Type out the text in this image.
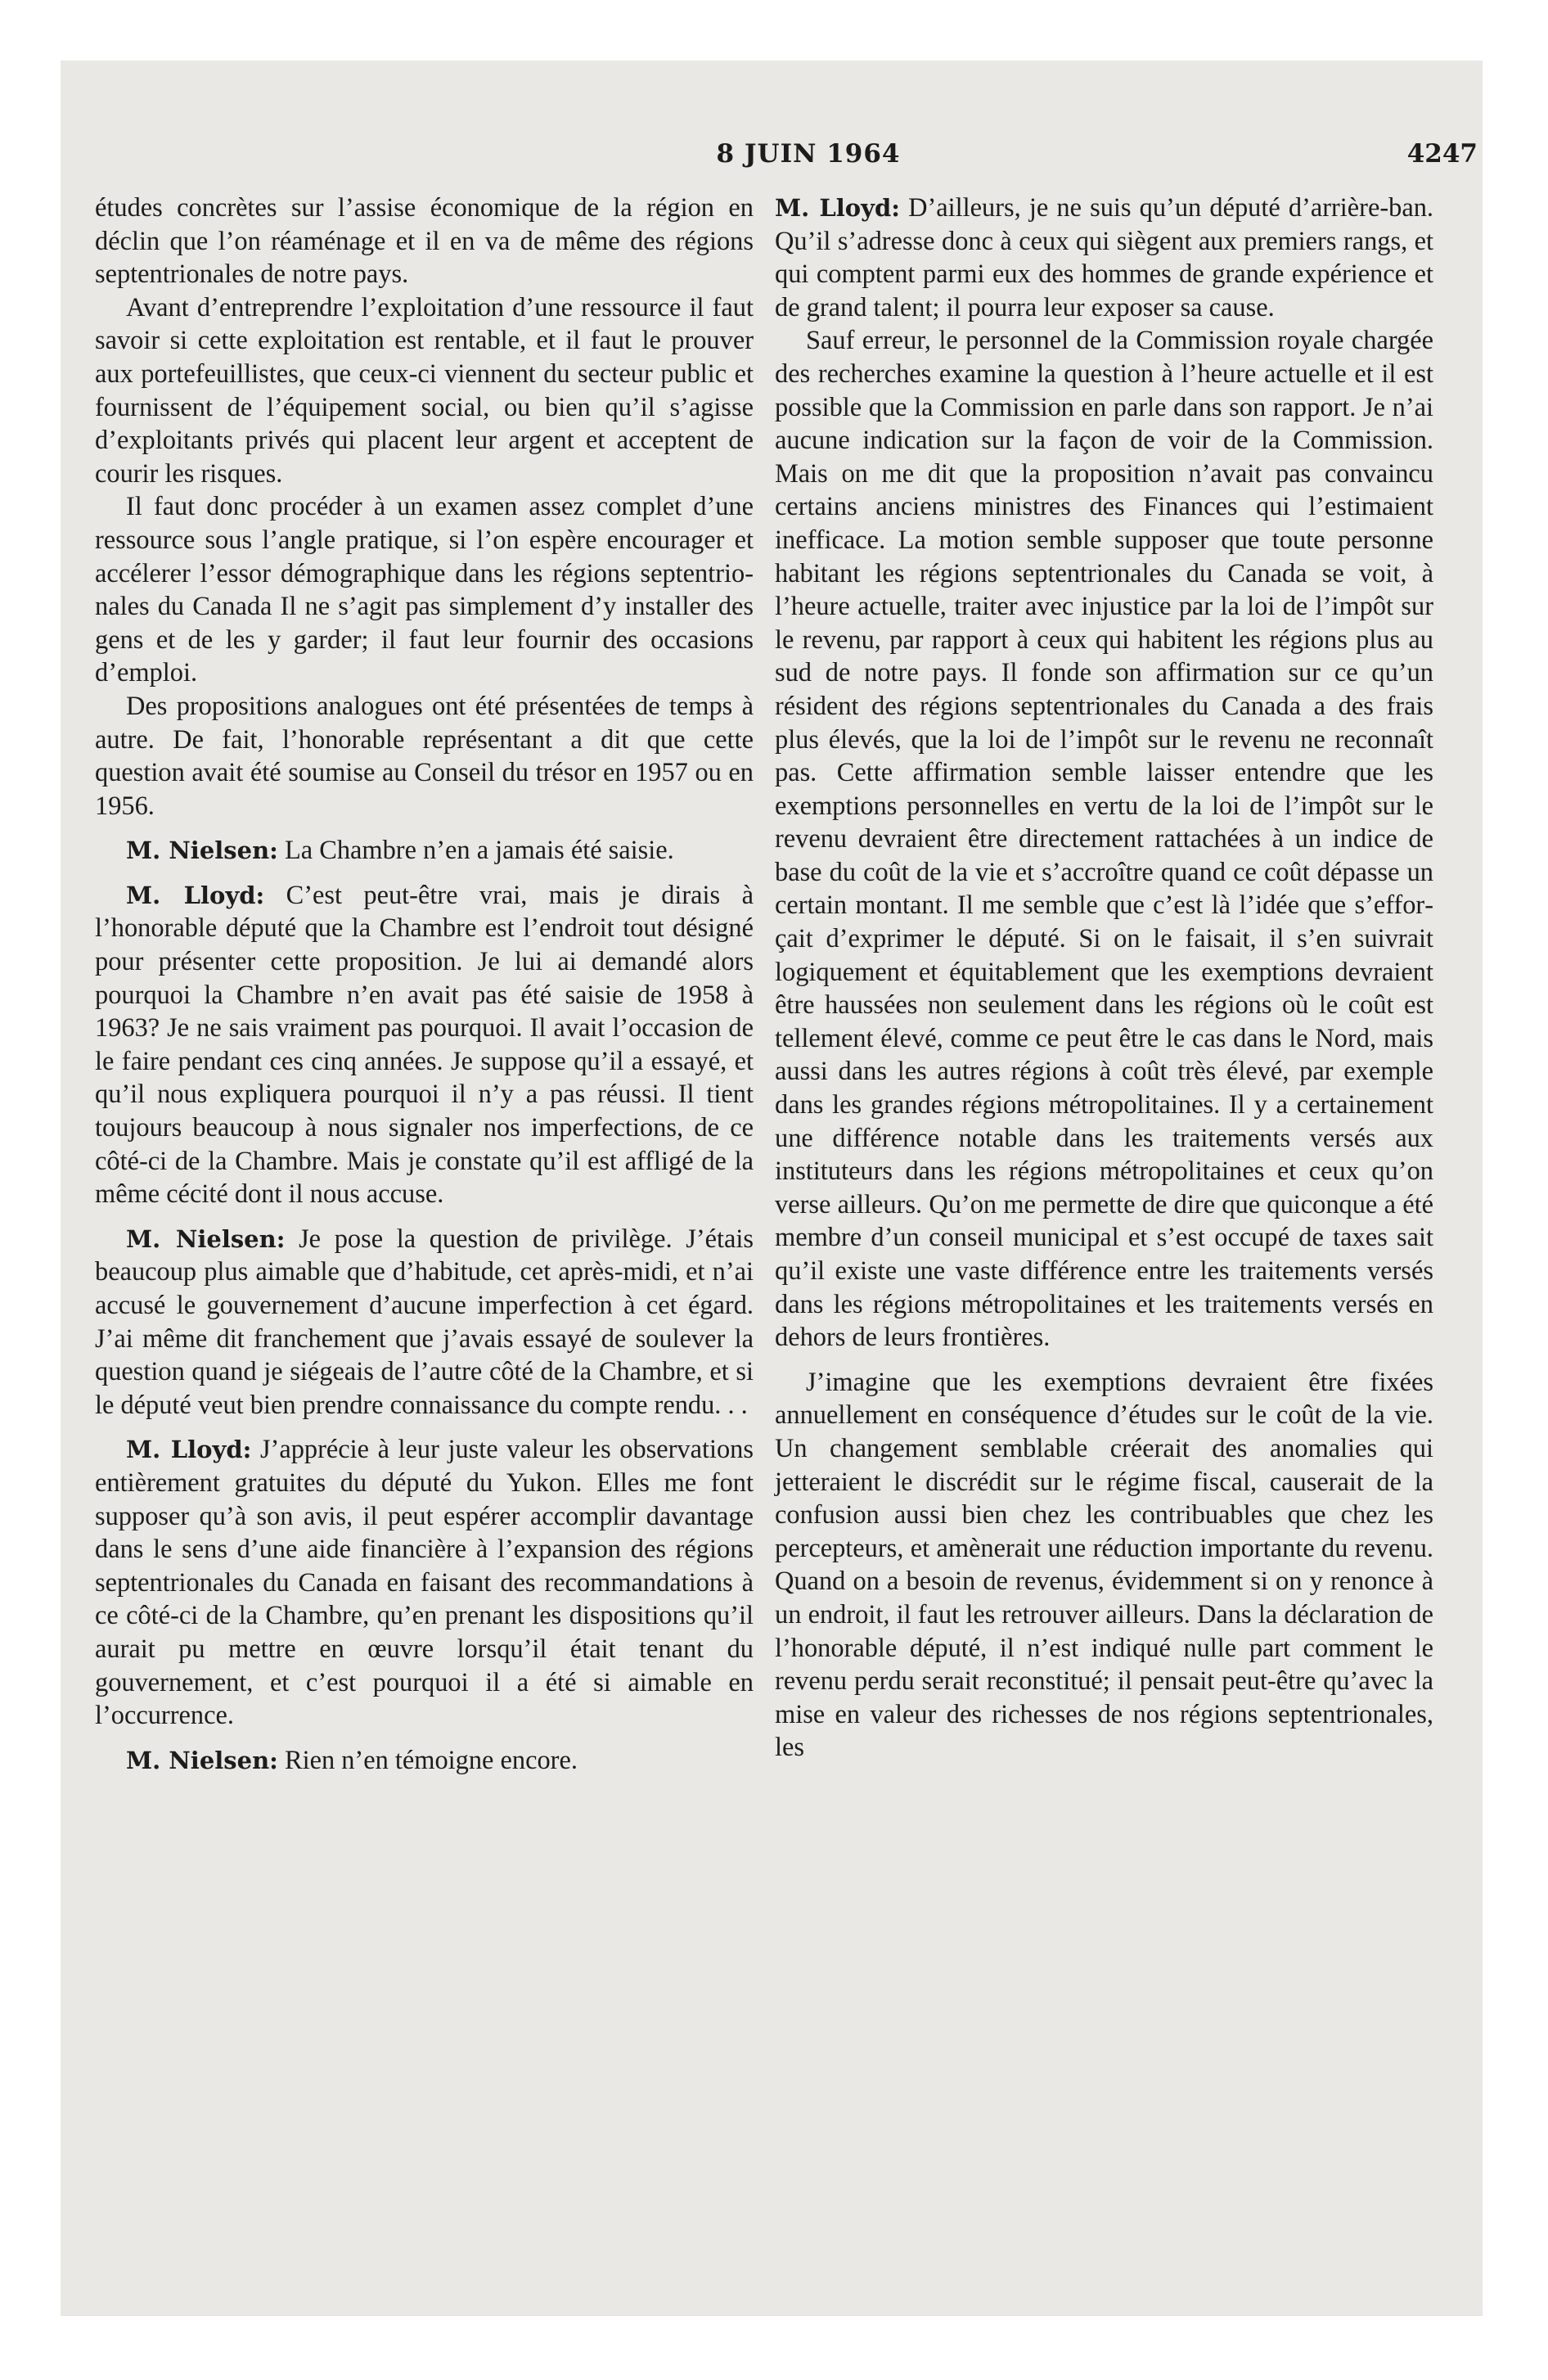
8 JUIN 1964	4247

études concrètes sur l’assise économique de la région en déclin que l’on réaménage et il en va de même des régions septentrionales de notre pays.

Avant d’entreprendre l’exploitation d’une ressource il faut savoir si cette exploitation est rentable, et il faut le prouver aux portefeuillistes, que ceux-ci viennent du secteur public et fournissent de l’équipement social, ou bien qu’il s’agisse d’exploitants privés qui placent leur argent et acceptent de courir les risques.

Il faut donc procéder à un examen assez complet d’une ressource sous l’angle pratique, si l’on espère encourager et accélerer l’essor démographique dans les régions septentrionales du Canada Il ne s’agit pas simplement d’y installer des gens et de les y garder; il faut leur fournir des occasions d’emploi.

Des propositions analogues ont été présentées de temps à autre. De fait, l’honorable représentant a dit que cette question avait été soumise au Conseil du trésor en 1957 ou en 1956.

M. Nielsen: La Chambre n’en a jamais été saisie.

M. Lloyd: C’est peut-être vrai, mais je dirais à l’honorable député que la Chambre est l’endroit tout désigné pour présenter cette proposition. Je lui ai demandé alors pourquoi la Chambre n’en avait pas été saisie de 1958 à 1963? Je ne sais vraiment pas pourquoi. Il avait l’occasion de le faire pendant ces cinq années. Je suppose qu’il a essayé, et qu’il nous expliquera pourquoi il n’y a pas réussi. Il tient toujours beaucoup à nous signaler nos imperfections, de ce côté-ci de la Chambre. Mais je constate qu’il est affligé de la même cécité dont il nous accuse.

M. Nielsen: Je pose la question de privilège. J’étais beaucoup plus aimable que d’habitude, cet après-midi, et n’ai accusé le gouvernement d’aucune imperfection à cet égard. J’ai même dit franchement que j’avais essayé de soulever la question quand je siégeais de l’autre côté de la Chambre, et si le député veut bien prendre connaissance du compte rendu. . .

M. Lloyd: J’apprécie à leur juste valeur les observations entièrement gratuites du député du Yukon. Elles me font supposer qu’à son avis, il peut espérer accomplir davantage dans le sens d’une aide financière à l’expansion des régions septentrionales du Canada en faisant des recommandations à ce côté-ci de la Chambre, qu’en prenant les dispositions qu’il aurait pu mettre en œuvre lorsqu’il était tenant du gouvernement, et c’est pourquoi il a été si aimable en l’occurrence.

M. Nielsen: Rien n’en témoigne encore.

M. Lloyd: D’ailleurs, je ne suis qu’un député d’arrière-ban. Qu’il s’adresse donc à ceux qui siègent aux premiers rangs, et qui comptent parmi eux des hommes de grande expérience et de grand talent; il pourra leur exposer sa cause.

Sauf erreur, le personnel de la Commission royale chargée des recherches examine la question à l’heure actuelle et il est possible que la Commission en parle dans son rapport. Je n’ai aucune indication sur la façon de voir de la Commission. Mais on me dit que la proposition n’avait pas convaincu certains anciens ministres des Finances qui l’estimaient inefficace. La motion semble supposer que toute personne habitant les régions septentrionales du Canada se voit, à l’heure actuelle, traiter avec injustice par la loi de l’impôt sur le revenu, par rapport à ceux qui habitent les régions plus au sud de notre pays. Il fonde son affirmation sur ce qu’un résident des régions septentrionales du Canada a des frais plus élevés, que la loi de l’impôt sur le revenu ne reconnaît pas. Cette affirmation semble laisser entendre que les exemptions personnelles en vertu de la loi de l’impôt sur le revenu devraient être directement rattachées à un indice de base du coût de la vie et s’accroître quand ce coût dépasse un certain montant. Il me semble que c’est là l’idée que s’efforçait d’exprimer le député. Si on le faisait, il s’en suivrait logiquement et équitablement que les exemptions devraient être haussées non seulement dans les régions où le coût est tellement élevé, comme ce peut être le cas dans le Nord, mais aussi dans les autres régions à coût très élevé, par exemple dans les grandes régions métropolitaines. Il y a certainement une différence notable dans les traitements versés aux instituteurs dans les régions métropolitaines et ceux qu’on verse ailleurs. Qu’on me permette de dire que quiconque a été membre d’un conseil municipal et s’est occupé de taxes sait qu’il existe une vaste différence entre les traitements versés dans les régions métropolitaines et les traitements versés en dehors de leurs frontières.

J’imagine que les exemptions devraient être fixées annuellement en conséquence d’études sur le coût de la vie. Un changement semblable créerait des anomalies qui jetteraient le discrédit sur le régime fiscal, causerait de la confusion aussi bien chez les contribuables que chez les percepteurs, et amènerait une réduction importante du revenu. Quand on a besoin de revenus, évidemment si on y renonce à un endroit, il faut les retrouver ailleurs. Dans la déclaration de l’honorable député, il n’est indiqué nulle part comment le revenu perdu serait reconstitué; il pensait peut-être qu’avec la mise en valeur des richesses de nos régions septentrionales, les
